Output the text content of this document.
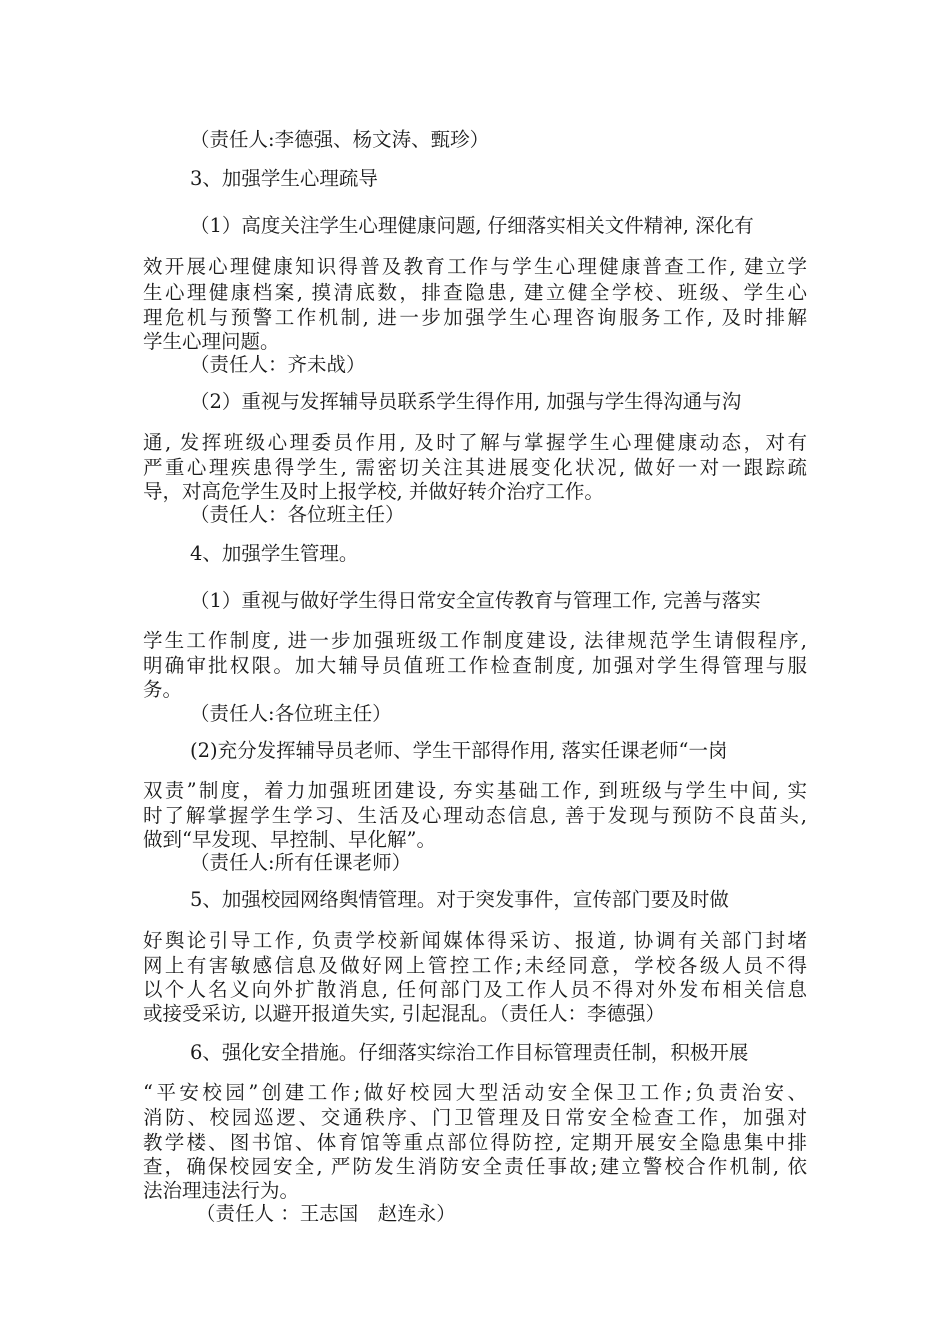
（责任人:李德强、杨文涛、甄珍）
3、加强学生心理疏导
（1）高度关注学生心理健康问题, 仔细落实相关文件精神, 深化有
效开展心理健康知识得普及教育工作与学生心理健康普查工作, 建立学
生心理健康档案, 摸清底数，排查隐患, 建立健全学校、班级、学生心
理危机与预警工作机制, 进一步加强学生心理咨询服务工作, 及时排解
学生心理问题。
（责任人：齐未战）
（2）重视与发挥辅导员联系学生得作用, 加强与学生得沟通与沟
通, 发挥班级心理委员作用, 及时了解与掌握学生心理健康动态，对有
严重心理疾患得学生, 需密切关注其进展变化状况, 做好一对一跟踪疏
导，对高危学生及时上报学校, 并做好转介治疗工作。
（责任人：各位班主任）
4、加强学生管理。
（1）重视与做好学生得日常安全宣传教育与管理工作, 完善与落实
学生工作制度, 进一步加强班级工作制度建设, 法律规范学生请假程序,
明确审批权限。加大辅导员值班工作检查制度, 加强对学生得管理与服
务。
（责任人:各位班主任）
(2)充分发挥辅导员老师、学生干部得作用, 落实任课老师“一岗
双责”制度，着力加强班团建设, 夯实基础工作, 到班级与学生中间, 实
时了解掌握学生学习、生活及心理动态信息, 善于发现与预防不良苗头,
做到“早发现、早控制、早化解”。
（责任人:所有任课老师）
5、加强校园网络舆情管理。对于突发事件，宣传部门要及时做
好舆论引导工作, 负责学校新闻媒体得采访、报道, 协调有关部门封堵
网上有害敏感信息及做好网上管控工作;未经同意，学校各级人员不得
以个人名义向外扩散消息, 任何部门及工作人员不得对外发布相关信息
或接受采访, 以避开报道失实, 引起混乱。（责任人：李德强）
6、强化安全措施。仔细落实综治工作目标管理责任制，积极开展
“平安校园”创建工作;做好校园大型活动安全保卫工作;负责治安、
消防、校园巡逻、交通秩序、门卫管理及日常安全检查工作，加强对
教学楼、图书馆、体育馆等重点部位得防控, 定期开展安全隐患集中排
查，确保校园安全, 严防发生消防安全责任事故;建立警校合作机制, 依
法治理违法行为。
（责任人 ：王志国　赵连永）
